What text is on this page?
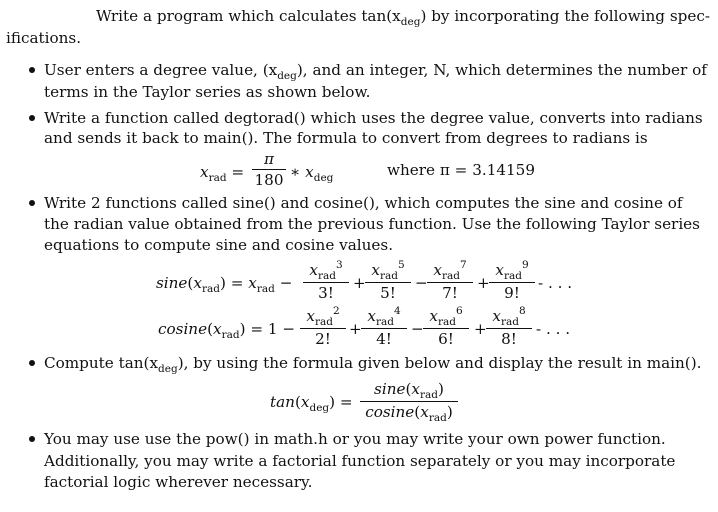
Write a program which calculates $\tan(x_{deg})$ by incorporating the following spec-
ifications.
User enters a degree value, $(x_{deg})$, and an integer, N, which determines the number of
terms in the Taylor series as shown below.
Write a function called degtorad() which uses the degree value, converts into radians
and sends it back to main(). The formula to convert from degrees to radians is
$x_{rad}$ =
π
180 ∗ $x_{deg}$	where π = 3.14159
Write 2 functions called sine() and cosine(), which computes the sine and cosine of
the radian value obtained from the previous function. Use the following Taylor series
equations to compute sine and cosine values.
$\sin e(x_{rad}) = x_{rad}$ −
$x_{rad}^3$
3!
+
$x_{rad}^5$
5!
−
$x_{rad}^7$
7!
+
$x_{rad}^9$
9!
- . . .
$cosine(x_{rad}) = 1$ −
$x_{rad}^2$
2!
+
$x_{rad}^4$
4!
−
$x_{rad}^6$
6!
+
$x_{rad}^8$
8!
- . . .
Compute $\tan(x_{deg})$, by using the formula given below and display the result in main().
$\tan(x_{deg})$ =
$\sin e(x_{rad})$
$cosine(x_{rad})$
You may use use the pow() in math.h or you may write your own power function.
Additionally, you may write a factorial function separately or you may incorporate
factorial logic wherever necessary.
